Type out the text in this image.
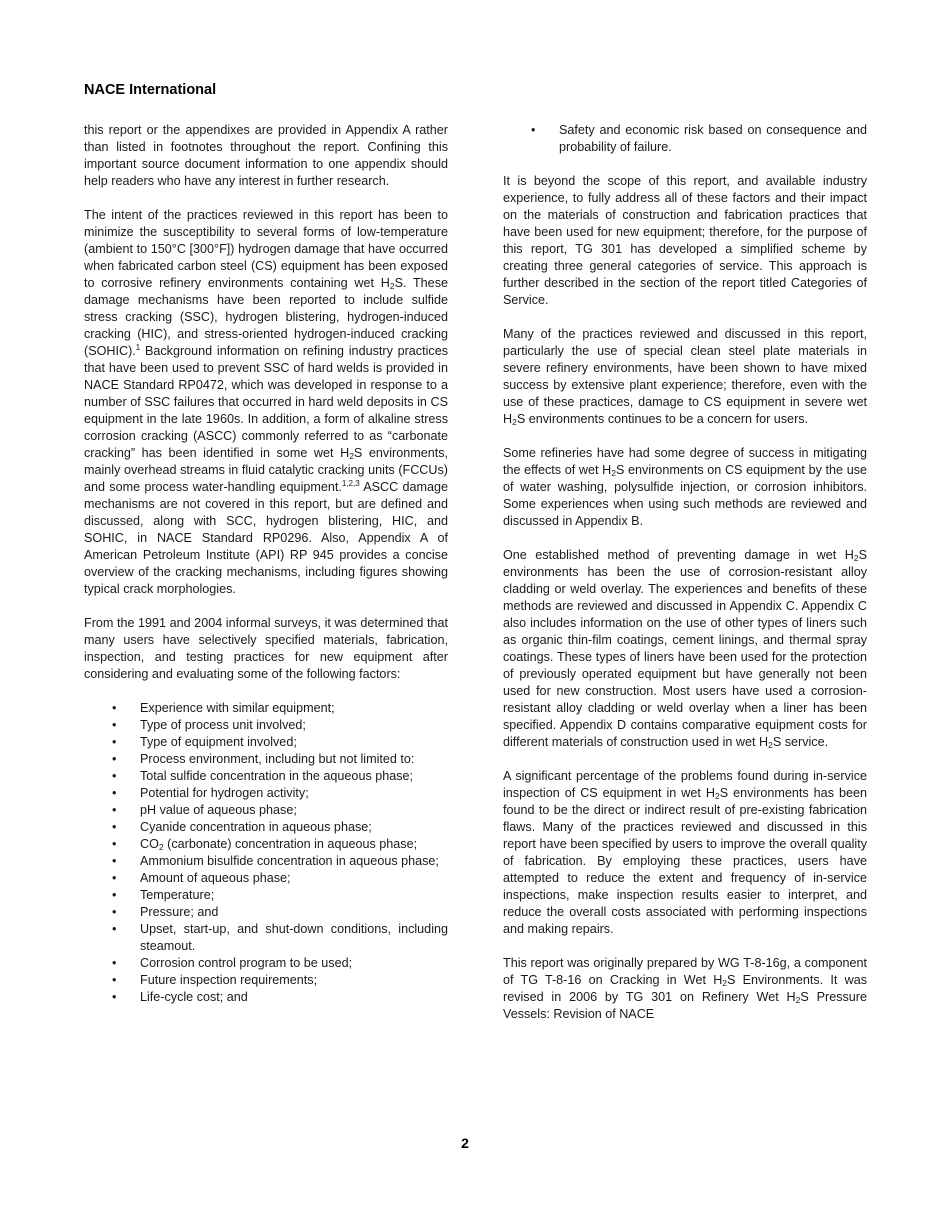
NACE International

this report or the appendixes are provided in Appendix A rather than listed in footnotes throughout the report. Confining this important source document information to one appendix should help readers who have any interest in further research.

The intent of the practices reviewed in this report has been to minimize the susceptibility to several forms of low-temperature (ambient to 150°C [300°F]) hydrogen damage that have occurred when fabricated carbon steel (CS) equipment has been exposed to corrosive refinery environments containing wet $H_2S$. These damage mechanisms have been reported to include sulfide stress cracking (SSC), hydrogen blistering, hydrogen-induced cracking (HIC), and stress-oriented hydrogen-induced cracking (SOHIC).$^1$ Background information on refining industry practices that have been used to prevent SSC of hard welds is provided in NACE Standard RP0472, which was developed in response to a number of SSC failures that occurred in hard weld deposits in CS equipment in the late 1960s. In addition, a form of alkaline stress corrosion cracking (ASCC) commonly referred to as “carbonate cracking” has been identified in some wet $H_2S$ environments, mainly overhead streams in fluid catalytic cracking units (FCCUs) and some process water-handling equipment.$^{1,2,3}$ ASCC damage mechanisms are not covered in this report, but are defined and discussed, along with SCC, hydrogen blistering, HIC, and SOHIC, in NACE Standard RP0296. Also, Appendix A of American Petroleum Institute (API) RP 945 provides a concise overview of the cracking mechanisms, including figures showing typical crack morphologies.

From the 1991 and 2004 informal surveys, it was determined that many users have selectively specified materials, fabrication, inspection, and testing practices for new equipment after considering and evaluating some of the following factors:

• Experience with similar equipment;
• Type of process unit involved;
• Type of equipment involved;
• Process environment, including but not limited to:
• Total sulfide concentration in the aqueous phase;
• Potential for hydrogen activity;
• pH value of aqueous phase;
• Cyanide concentration in aqueous phase;
• $CO_2$ (carbonate) concentration in aqueous phase;
• Ammonium bisulfide concentration in aqueous phase;
• Amount of aqueous phase;
• Temperature;
• Pressure; and
• Upset, start-up, and shut-down conditions, including steamout.
• Corrosion control program to be used;
• Future inspection requirements;
• Life-cycle cost; and
• Safety and economic risk based on consequence and probability of failure.

It is beyond the scope of this report, and available industry experience, to fully address all of these factors and their impact on the materials of construction and fabrication practices that have been used for new equipment; therefore, for the purpose of this report, TG 301 has developed a simplified scheme by creating three general categories of service. This approach is further described in the section of the report titled Categories of Service.

Many of the practices reviewed and discussed in this report, particularly the use of special clean steel plate materials in severe refinery environments, have been shown to have mixed success by extensive plant experience; therefore, even with the use of these practices, damage to CS equipment in severe wet $H_2S$ environments continues to be a concern for users.

Some refineries have had some degree of success in mitigating the effects of wet $H_2S$ environments on CS equipment by the use of water washing, polysulfide injection, or corrosion inhibitors. Some experiences when using such methods are reviewed and discussed in Appendix B.

One established method of preventing damage in wet $H_2S$ environments has been the use of corrosion-resistant alloy cladding or weld overlay. The experiences and benefits of these methods are reviewed and discussed in Appendix C. Appendix C also includes information on the use of other types of liners such as organic thin-film coatings, cement linings, and thermal spray coatings. These types of liners have been used for the protection of previously operated equipment but have generally not been used for new construction. Most users have used a corrosion-resistant alloy cladding or weld overlay when a liner has been specified. Appendix D contains comparative equipment costs for different materials of construction used in wet $H_2S$ service.

A significant percentage of the problems found during in-service inspection of CS equipment in wet $H_2S$ environments has been found to be the direct or indirect result of pre-existing fabrication flaws. Many of the practices reviewed and discussed in this report have been specified by users to improve the overall quality of fabrication. By employing these practices, users have attempted to reduce the extent and frequency of in-service inspections, make inspection results easier to interpret, and reduce the overall costs associated with performing inspections and making repairs.

This report was originally prepared by WG T-8-16g, a component of TG T-8-16 on Cracking in Wet $H_2S$ Environments. It was revised in 2006 by TG 301 on Refinery Wet $H_2S$ Pressure Vessels: Revision of NACE

2
